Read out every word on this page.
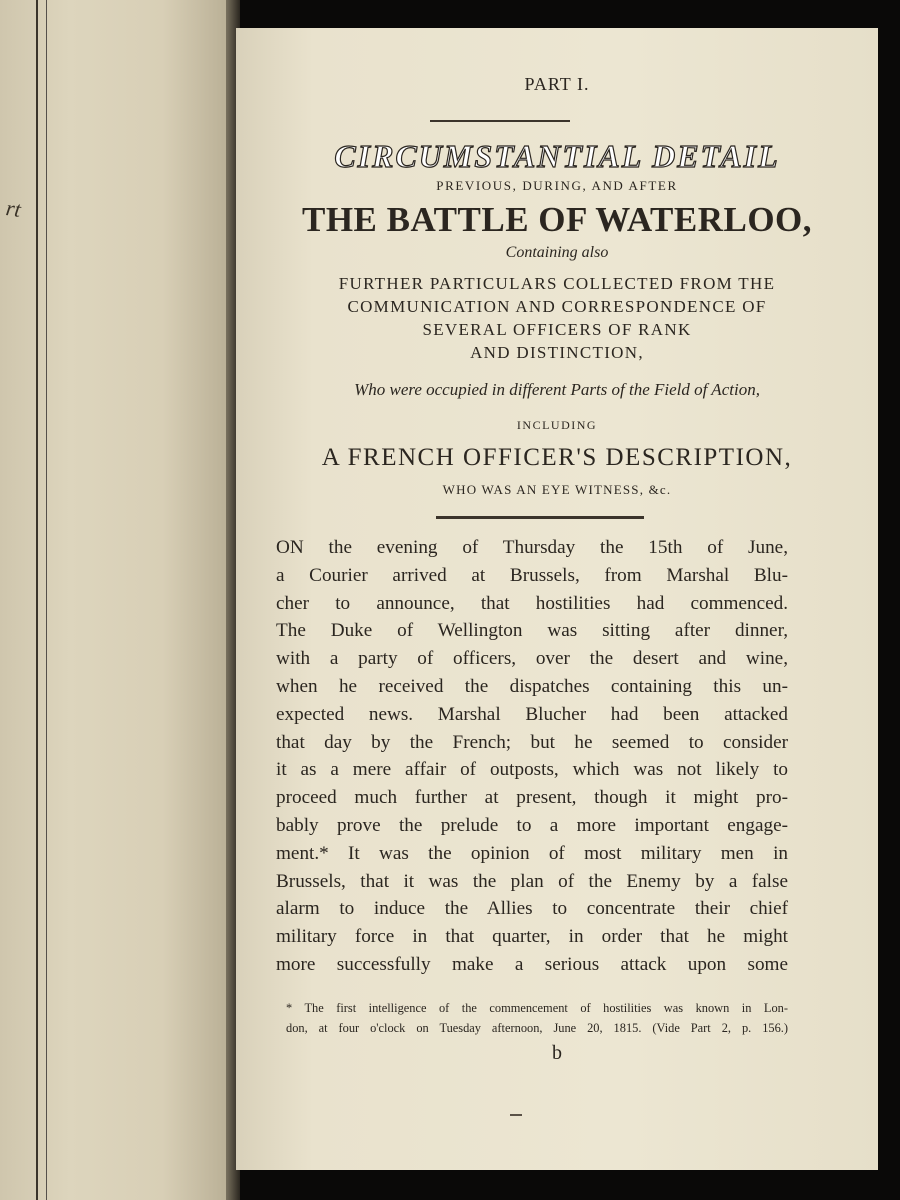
rt
PART I.
CIRCUMSTANTIAL DETAIL
PREVIOUS, DURING, AND AFTER
THE BATTLE OF WATERLOO,
Containing also
FURTHER PARTICULARS COLLECTED FROM THE
COMMUNICATION AND CORRESPONDENCE OF
SEVERAL OFFICERS OF RANK
AND DISTINCTION,
Who were occupied in different Parts of the Field of Action,
INCLUDING
A FRENCH OFFICER'S DESCRIPTION,
WHO WAS AN EYE WITNESS, &c.
ON the evening of Thursday the 15th of June,
a Courier arrived at Brussels, from Marshal Blu-
cher to announce, that hostilities had commenced.
The Duke of Wellington was sitting after dinner,
with a party of officers, over the desert and wine,
when he received the dispatches containing this un-
expected news. Marshal Blucher had been attacked
that day by the French; but he seemed to consider
it as a mere affair of outposts, which was not likely to
proceed much further at present, though it might pro-
bably prove the prelude to a more important engage-
ment.* It was the opinion of most military men in
Brussels, that it was the plan of the Enemy by a false
alarm to induce the Allies to concentrate their chief
military force in that quarter, in order that he might
more successfully make a serious attack upon some
* The first intelligence of the commencement of hostilities was known in Lon-
don, at four o'clock on Tuesday afternoon, June 20, 1815. (Vide Part 2, p. 156.)
b
